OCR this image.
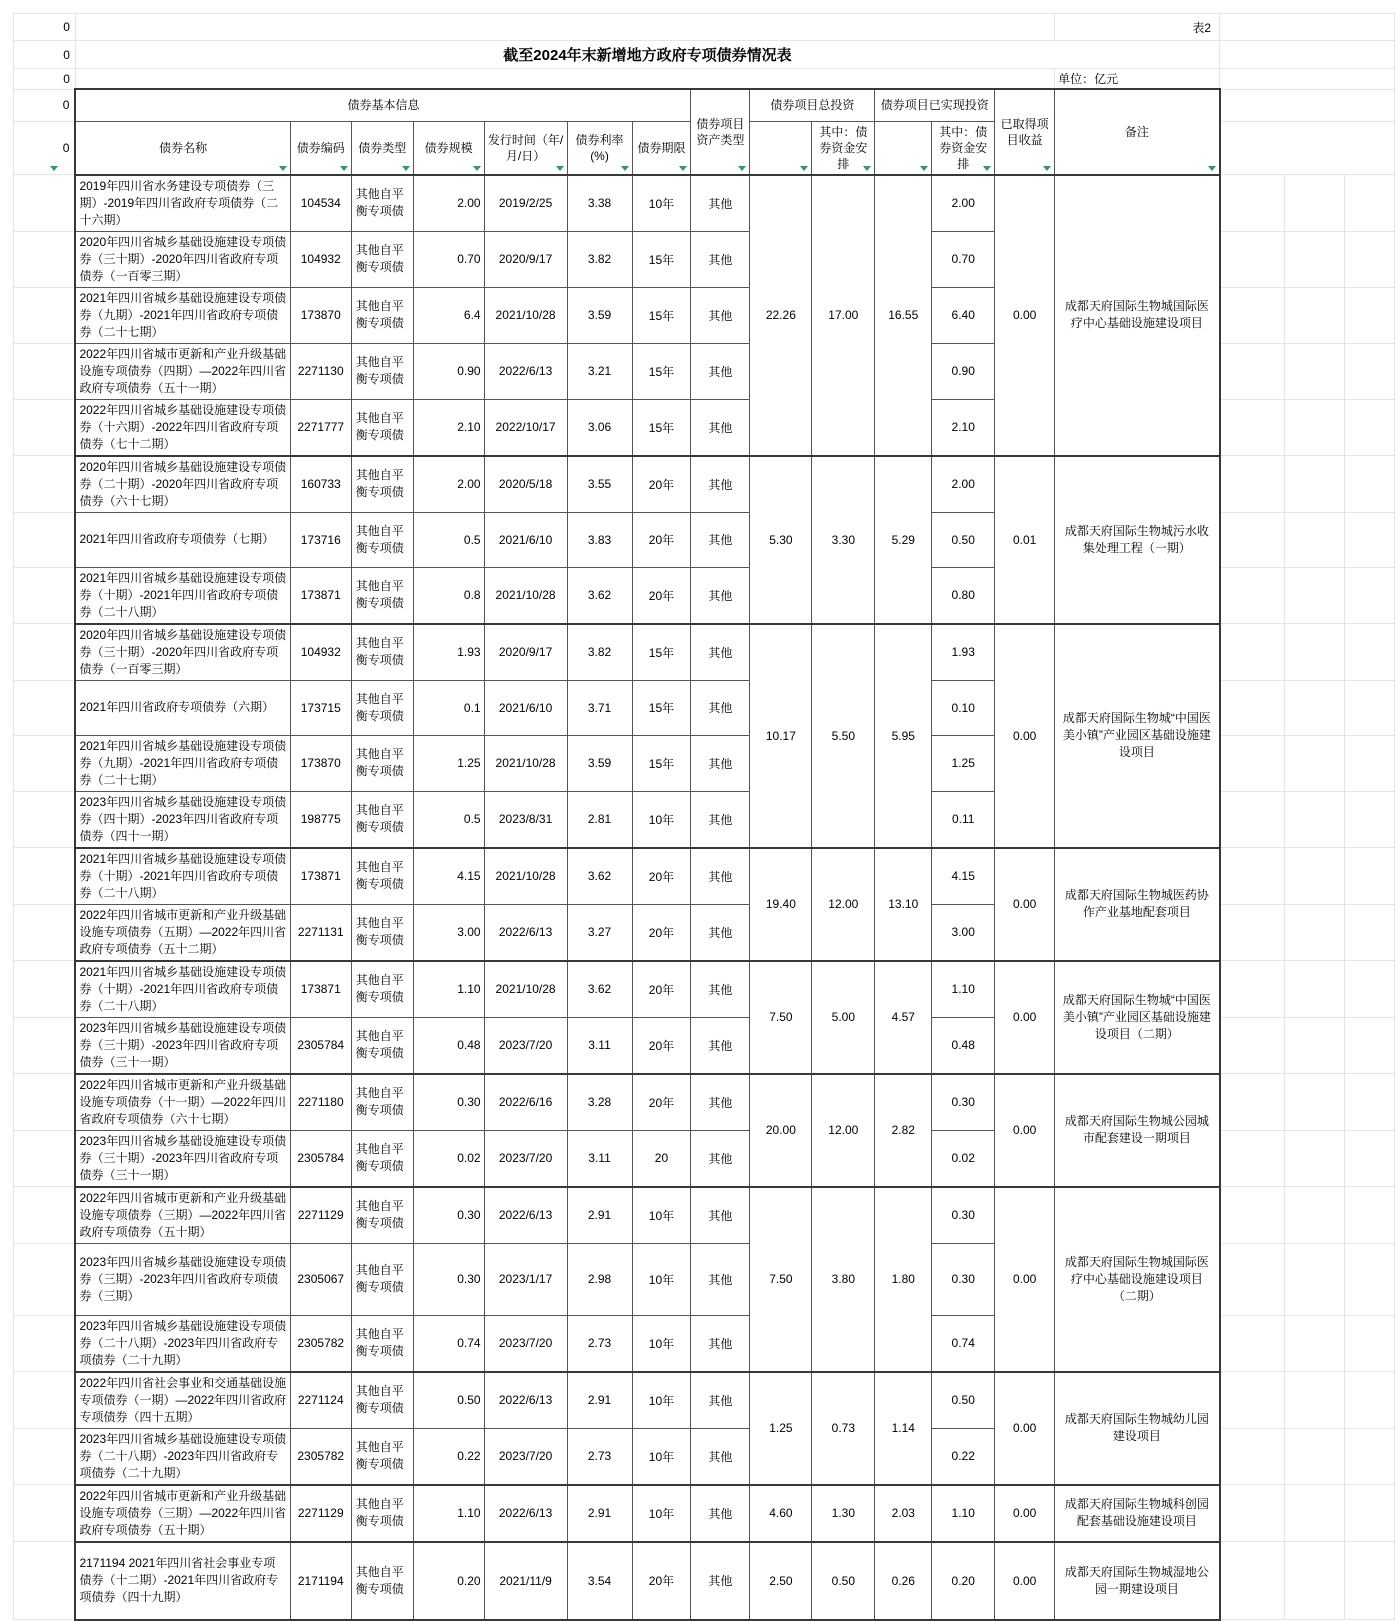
0														表2			
0	截至2024年末新增地方政府专项债券情况表																
0														单位：亿元			
0	债券基本信息							债券项目资产类型	债券项目总投资		债券项目已实现投资		已取得项目收益	备注		

0	债券名称	债券编码	债券类型	债券规模	发行时间（年/月/日）	债券利率(%)	债券期限			其中：债券资金安排		其中：债券资金安排				

	2019年四川省水务建设专项债券（三期）-2019年四川省政府专项债券（二十六期）	104534	其他自平衡专项债	2.00	2019/2/25	3.38	10年	其他	22.26	17.00	16.55	2.00	0.00	成都天府国际生物城国际医疗中心基础设施建设项目			
	2020年四川省城乡基础设施建设专项债券（三十期）-2020年四川省政府专项债券（一百零三期）	104932	其他自平衡专项债	0.70	2020/9/17	3.82	15年	其他				0.70					
	2021年四川省城乡基础设施建设专项债券（九期）-2021年四川省政府专项债券（二十七期）	173870	其他自平衡专项债	6.4	2021/10/28	3.59	15年	其他				6.40					
	2022年四川省城市更新和产业升级基础设施专项债券（四期）—2022年四川省政府专项债券（五十一期）	2271130	其他自平衡专项债	0.90	2022/6/13	3.21	15年	其他				0.90					
	2022年四川省城乡基础设施建设专项债券（十六期）-2022年四川省政府专项债券（七十二期）	2271777	其他自平衡专项债	2.10	2022/10/17	3.06	15年	其他				2.10					
	2020年四川省城乡基础设施建设专项债券（二十期）-2020年四川省政府专项债券（六十七期）	160733	其他自平衡专项债	2.00	2020/5/18	3.55	20年	其他	5.30	3.30	5.29	2.00	0.01	成都天府国际生物城污水收集处理工程（一期）			
	2021年四川省政府专项债券（七期）	173716	其他自平衡专项债	0.5	2021/6/10	3.83	20年	其他				0.50					
	2021年四川省城乡基础设施建设专项债券（十期）-2021年四川省政府专项债券（二十八期）	173871	其他自平衡专项债	0.8	2021/10/28	3.62	20年	其他				0.80					
	2020年四川省城乡基础设施建设专项债券（三十期）-2020年四川省政府专项债券（一百零三期）	104932	其他自平衡专项债	1.93	2020/9/17	3.82	15年	其他	10.17	5.50	5.95	1.93	0.00	成都天府国际生物城“中国医美小镇”产业园区基础设施建设项目			
	2021年四川省政府专项债券（六期）	173715	其他自平衡专项债	0.1	2021/6/10	3.71	15年	其他				0.10					
	2021年四川省城乡基础设施建设专项债券（九期）-2021年四川省政府专项债券（二十七期）	173870	其他自平衡专项债	1.25	2021/10/28	3.59	15年	其他				1.25					
	2023年四川省城乡基础设施建设专项债券（四十期）-2023年四川省政府专项债券（四十一期）	198775	其他自平衡专项债	0.5	2023/8/31	2.81	10年	其他				0.11					
	2021年四川省城乡基础设施建设专项债券（十期）-2021年四川省政府专项债券（二十八期）	173871	其他自平衡专项债	4.15	2021/10/28	3.62	20年	其他	19.40	12.00	13.10	4.15	0.00	成都天府国际生物城医药协作产业基地配套项目			
	2022年四川省城市更新和产业升级基础设施专项债券（五期）—2022年四川省政府专项债券（五十二期）	2271131	其他自平衡专项债	3.00	2022/6/13	3.27	20年	其他				3.00					
	2021年四川省城乡基础设施建设专项债券（十期）-2021年四川省政府专项债券（二十八期）	173871	其他自平衡专项债	1.10	2021/10/28	3.62	20年	其他	7.50	5.00	4.57	1.10	0.00	成都天府国际生物城“中国医美小镇”产业园区基础设施建设项目（二期）			
	2023年四川省城乡基础设施建设专项债券（三十期）-2023年四川省政府专项债券（三十一期）	2305784	其他自平衡专项债	0.48	2023/7/20	3.11	20年	其他				0.48					
	2022年四川省城市更新和产业升级基础设施专项债券（十一期）—2022年四川省政府专项债券（六十七期）	2271180	其他自平衡专项债	0.30	2022/6/16	3.28	20年	其他	20.00	12.00	2.82	0.30	0.00	成都天府国际生物城公园城市配套建设一期项目			
	2023年四川省城乡基础设施建设专项债券（三十期）-2023年四川省政府专项债券（三十一期）	2305784	其他自平衡专项债	0.02	2023/7/20	3.11	20	其他				0.02					
	2022年四川省城市更新和产业升级基础设施专项债券（三期）—2022年四川省政府专项债券（五十期）	2271129	其他自平衡专项债	0.30	2022/6/13	2.91	10年	其他	7.50	3.80	1.80	0.30	0.00	成都天府国际生物城国际医疗中心基础设施建设项目（二期）			
	2023年四川省城乡基础设施建设专项债券（三期）-2023年四川省政府专项债券（三期）	2305067	其他自平衡专项债	0.30	2023/1/17	2.98	10年	其他				0.30					
	2023年四川省城乡基础设施建设专项债券（二十八期）-2023年四川省政府专项债券（二十九期）	2305782	其他自平衡专项债	0.74	2023/7/20	2.73	10年	其他				0.74					
	2022年四川省社会事业和交通基础设施专项债券（一期）—2022年四川省政府专项债券（四十五期）	2271124	其他自平衡专项债	0.50	2022/6/13	2.91	10年	其他	1.25	0.73	1.14	0.50	0.00	成都天府国际生物城幼儿园建设项目			
	2023年四川省城乡基础设施建设专项债券（二十八期）-2023年四川省政府专项债券（二十九期）	2305782	其他自平衡专项债	0.22	2023/7/20	2.73	10年	其他				0.22					
	2022年四川省城市更新和产业升级基础设施专项债券（三期）—2022年四川省政府专项债券（五十期）	2271129	其他自平衡专项债	1.10	2022/6/13	2.91	10年	其他	4.60	1.30	2.03	1.10	0.00	成都天府国际生物城科创园配套基础设施建设项目			
	2171194 2021年四川省社会事业专项债券（十二期）-2021年四川省政府专项债券（四十九期）	2171194	其他自平衡专项债	0.20	2021/11/9	3.54	20年	其他	2.50	0.50	0.26	0.20	0.00	成都天府国际生物城湿地公园一期建设项目			
